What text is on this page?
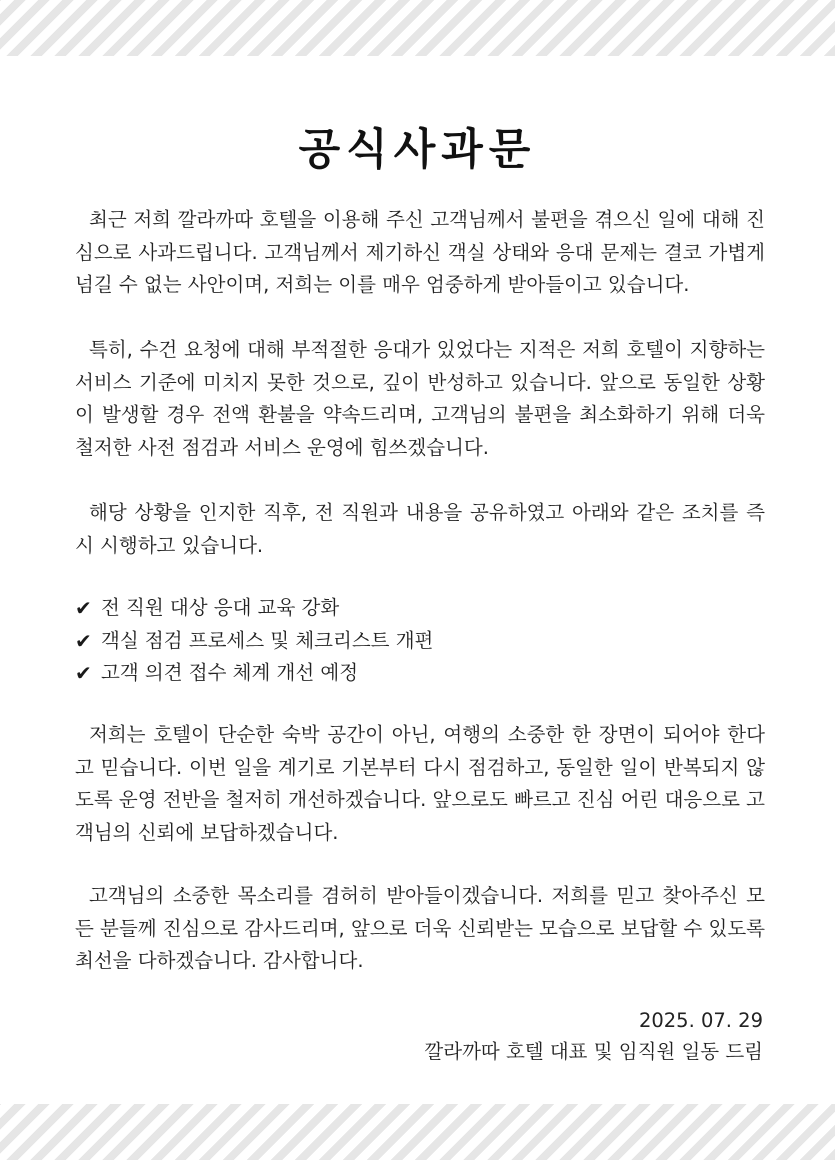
공식사과문

최근 저희 깔라까따 호텔을 이용해 주신 고객님께서 불편을 겪으신 일에 대해 진심으로 사과드립니다. 고객님께서 제기하신 객실 상태와 응대 문제는 결코 가볍게 넘길 수 없는 사안이며, 저희는 이를 매우 엄중하게 받아들이고 있습니다.

특히, 수건 요청에 대해 부적절한 응대가 있었다는 지적은 저희 호텔이 지향하는 서비스 기준에 미치지 못한 것으로, 깊이 반성하고 있습니다. 앞으로 동일한 상황이 발생할 경우 전액 환불을 약속드리며, 고객님의 불편을 최소화하기 위해 더욱 철저한 사전 점검과 서비스 운영에 힘쓰겠습니다.

해당 상황을 인지한 직후, 전 직원과 내용을 공유하였고 아래와 같은 조치를 즉시 시행하고 있습니다.

✔ 전 직원 대상 응대 교육 강화
✔ 객실 점검 프로세스 및 체크리스트 개편
✔ 고객 의견 접수 체계 개선 예정

저희는 호텔이 단순한 숙박 공간이 아닌, 여행의 소중한 한 장면이 되어야 한다고 믿습니다. 이번 일을 계기로 기본부터 다시 점검하고, 동일한 일이 반복되지 않도록 운영 전반을 철저히 개선하겠습니다. 앞으로도 빠르고 진심 어린 대응으로 고객님의 신뢰에 보답하겠습니다.

고객님의 소중한 목소리를 겸허히 받아들이겠습니다. 저희를 믿고 찾아주신 모든 분들께 진심으로 감사드리며, 앞으로 더욱 신뢰받는 모습으로 보답할 수 있도록 최선을 다하겠습니다. 감사합니다.

2025. 07. 29
깔라까따 호텔 대표 및 임직원 일동 드림
